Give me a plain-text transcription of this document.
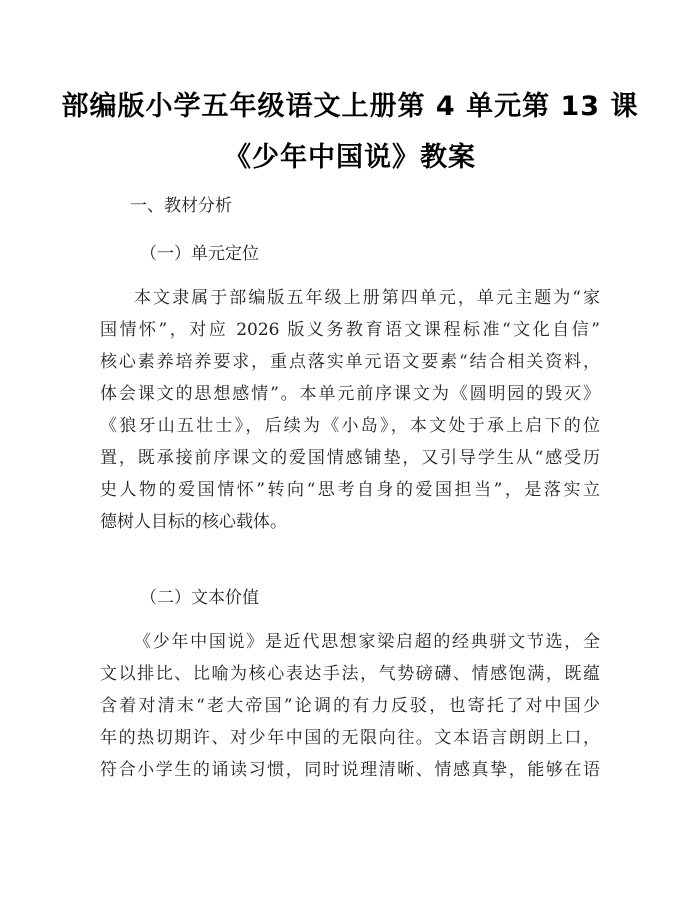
部编版小学五年级语文上册第 4 单元第 13 课
《少年中国说》教案
一、教材分析
（一）单元定位
本文隶属于部编版五年级上册第四单元，单元主题为“家
国情怀”，对应 2026 版义务教育语文课程标准“文化自信”
核心素养培养要求，重点落实单元语文要素“结合相关资料，
体会课文的思想感情”。本单元前序课文为《圆明园的毁灭》
《狼牙山五壮士》，后续为《小岛》，本文处于承上启下的位
置，既承接前序课文的爱国情感铺垫，又引导学生从“感受历
史人物的爱国情怀”转向“思考自身的爱国担当”，是落实立
德树人目标的核心载体。
（二）文本价值
《少年中国说》是近代思想家梁启超的经典骈文节选，全
文以排比、比喻为核心表达手法，气势磅礴、情感饱满，既蕴
含着对清末“老大帝国”论调的有力反驳，也寄托了对中国少
年的热切期许、对少年中国的无限向往。文本语言朗朗上口，
符合小学生的诵读习惯，同时说理清晰、情感真挚，能够在语
